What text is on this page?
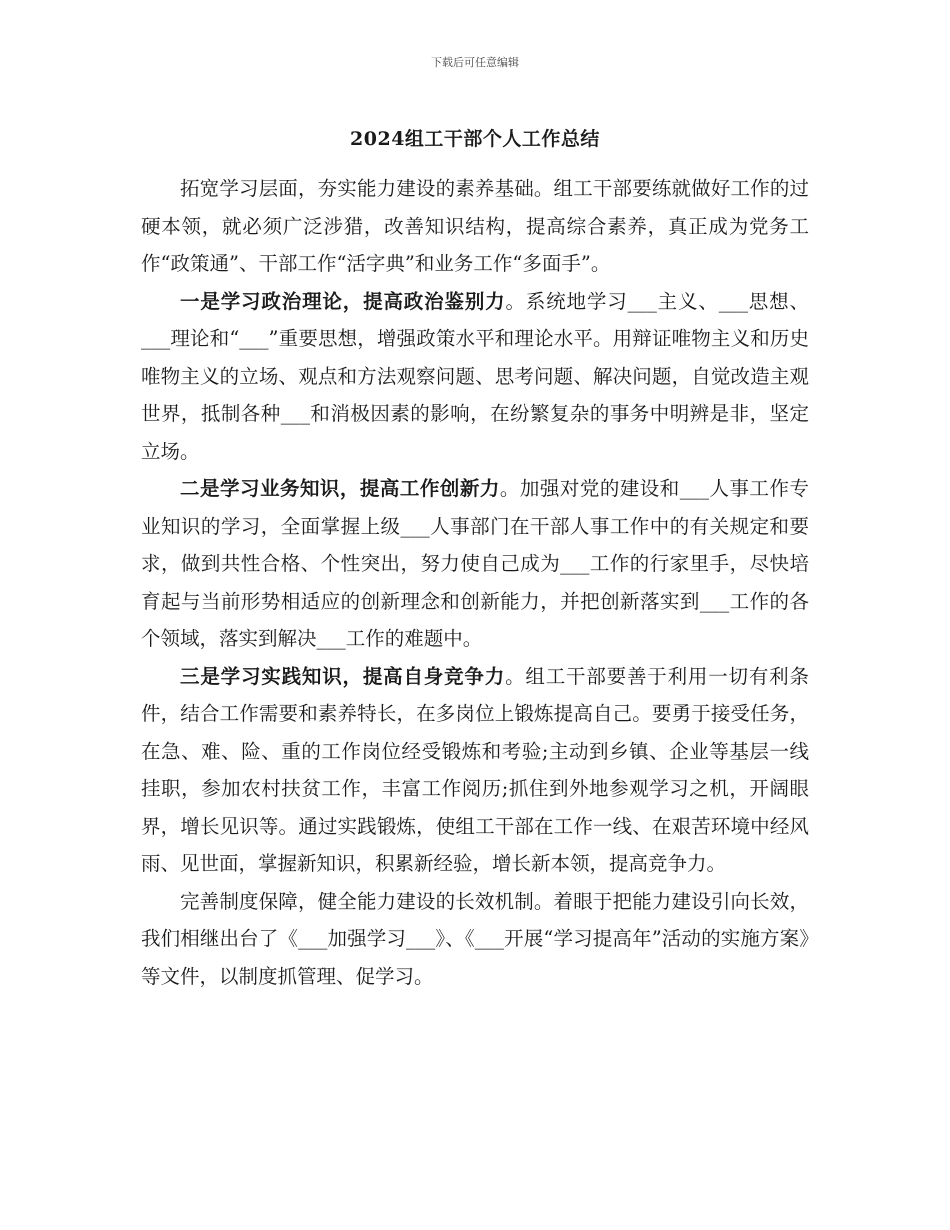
下载后可任意编辑
2024组工干部个人工作总结

拓宽学习层面，夯实能力建设的素养基础。组工干部要练就做好工作的过硬本领，就必须广泛涉猎，改善知识结构，提高综合素养，真正成为党务工作“政策通”、干部工作“活字典”和业务工作“多面手”。

一是学习政治理论，提高政治鉴别力。系统地学习___主义、___思想、___理论和“___”重要思想，增强政策水平和理论水平。用辩证唯物主义和历史唯物主义的立场、观点和方法观察问题、思考问题、解决问题，自觉改造主观世界，抵制各种___和消极因素的影响，在纷繁复杂的事务中明辨是非，坚定立场。

二是学习业务知识，提高工作创新力。加强对党的建设和___人事工作专业知识的学习，全面掌握上级___人事部门在干部人事工作中的有关规定和要求，做到共性合格、个性突出，努力使自己成为___工作的行家里手，尽快培育起与当前形势相适应的创新理念和创新能力，并把创新落实到___工作的各个领域，落实到解决___工作的难题中。

三是学习实践知识，提高自身竞争力。组工干部要善于利用一切有利条件，结合工作需要和素养特长，在多岗位上锻炼提高自己。要勇于接受任务，在急、难、险、重的工作岗位经受锻炼和考验;主动到乡镇、企业等基层一线挂职，参加农村扶贫工作，丰富工作阅历;抓住到外地参观学习之机，开阔眼界，增长见识等。通过实践锻炼，使组工干部在工作一线、在艰苦环境中经风雨、见世面，掌握新知识，积累新经验，增长新本领，提高竞争力。

完善制度保障，健全能力建设的长效机制。着眼于把能力建设引向长效，我们相继出台了《___加强学习___》、《___开展“学习提高年”活动的实施方案》等文件，以制度抓管理、促学习。
